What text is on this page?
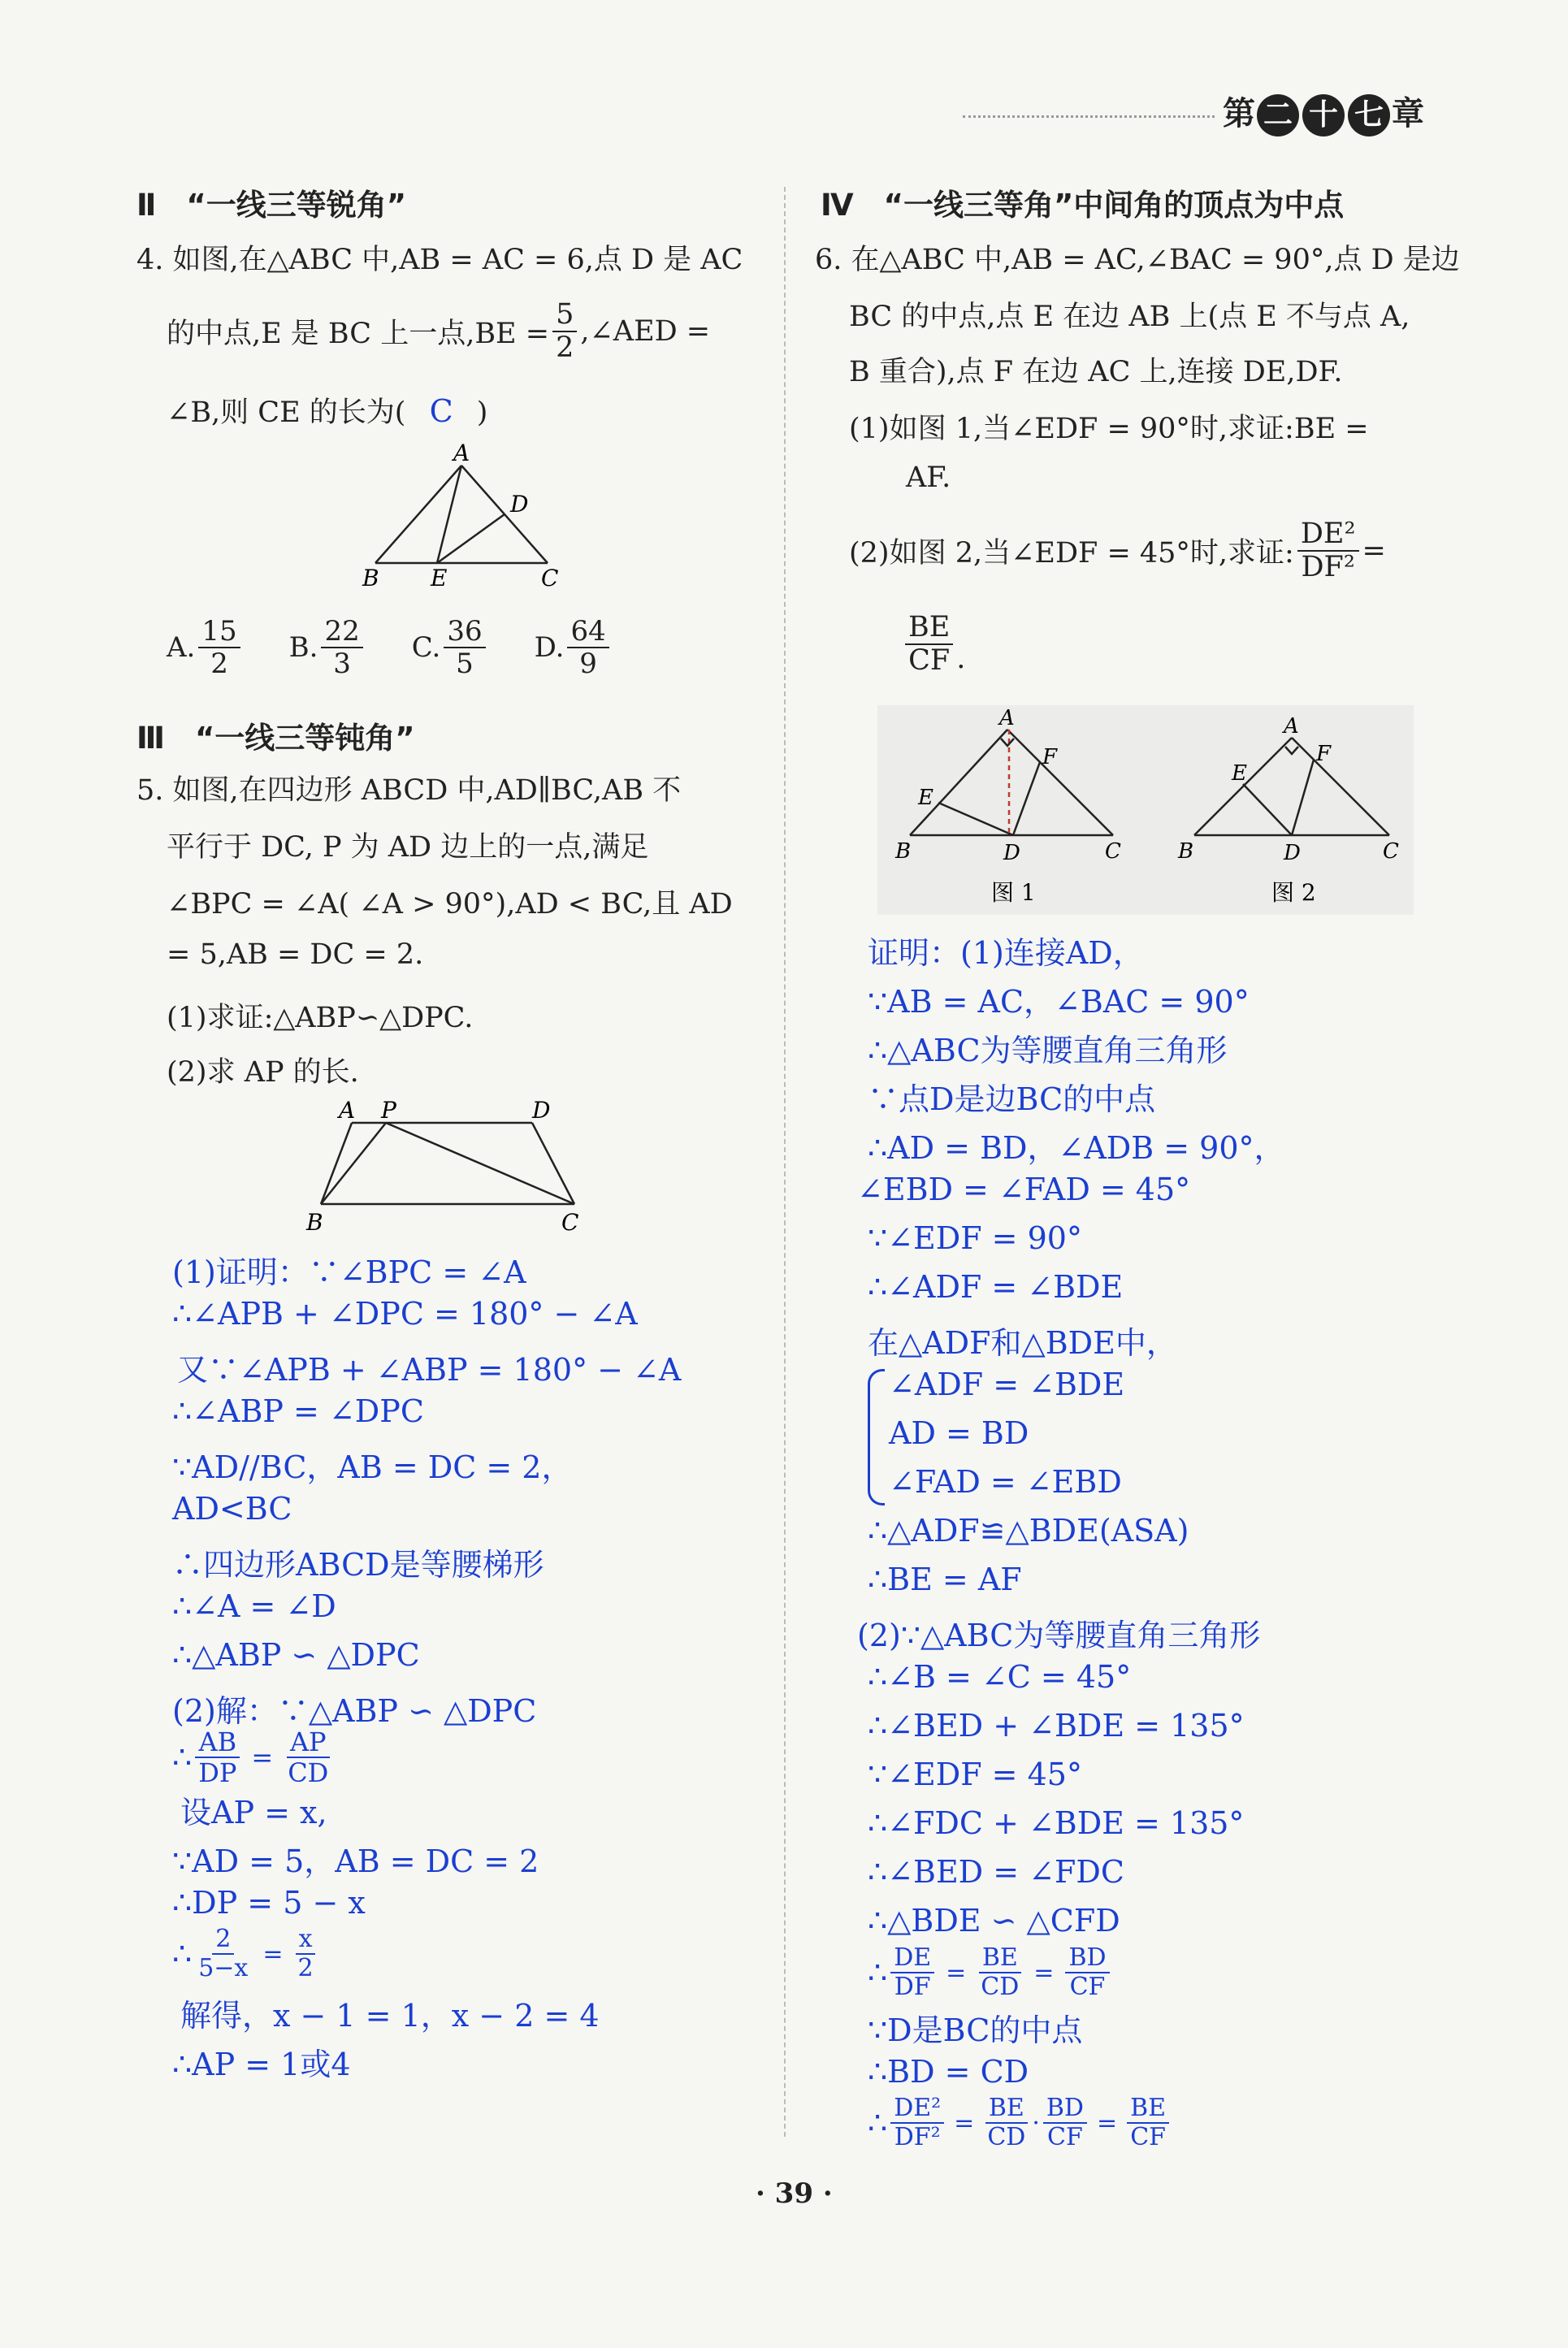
第 二 十 七 章
Ⅱ　“一线三等锐角”
4. 如图,在△ABC 中,AB = AC = 6,点 D 是 AC
的中点,E 是 BC 上一点$,BE = \frac{5}{2}$ ,∠AED =
∠B,则 CE 的长为( C )
A
D
B E	C
A. $\frac{15}{2} B$. $\frac{22}{3} C$. $\frac{36}{5} D$. $\frac{64}{9}$
Ⅲ　“一线三等钝角”
5. 如图,在四边形 ABCD 中,AD∥BC,AB 不
平行于 DC, P 为 AD 边上的一点,满足
∠BPC = ∠A( ∠A > 90°),AD < BC,且 AD
= 5,AB = DC = 2.
(1)求证:△ABP∽△DPC.
(2)求 AP 的长.
A P	D
B	C
(1)证明：∵∠BPC = ∠A
∴∠APB + ∠DPC = 180° − ∠A
又∵∠APB + ∠ABP = 180° − ∠A
∴∠ABP = ∠DPC
∵AD//BC，AB = DC = 2，
AD<BC
∴四边形ABCD是等腰梯形
∴∠A = ∠D
∴△ABP ∽ △DPC
(2)解：∵△ABP ∽ △DPC
∴ $\frac{AB}{DP} = \frac{AP}{CD}$
设AP = x,
∵AD = 5，AB = DC = 2
∴DP = 5 − x
∴ $\frac{2}{5-x} = \frac{x}{2}$
解得，x − 1 = 1，x − 2 = 4
∴AP = 1或4
Ⅳ　“一线三等角”中间角的顶点为中点
6. 在△ABC 中,AB = AC,∠BAC = 90°,点 D 是边
BC 的中点,点 E 在边 AB 上(点 E 不与点 A,
B 重合),点 F 在边 AC 上,连接 DE,DF.
(1)如图 1,当∠EDF = 90°时,求证:BE =
AF.
(2)如图 2,当∠EDF = 45°时,求证: $\frac{\text{DE²}}{\text{DF²}}$ =
$\frac{BE}{CF}$ .
A
F
E
B	D	C
图 1
A
F
E
B	D	C
图 2
证明：(1)连接AD，
∵AB = AC，∠BAC = 90°
∴△ABC为等腰直角三角形
∵点D是边BC的中点
∴AD = BD，∠ADB = 90°，
∠EBD = ∠FAD = 45°
∵∠EDF = 90°
∴∠ADF = ∠BDE
在△ADF和△BDE中，
∠ADF = ∠BDE
AD = BD
∠FAD = ∠EBD
∴△ADF≌△BDE(ASA)
∴BE = AF
(2)∵△ABC为等腰直角三角形
∴∠B = ∠C = 45°
∴∠BED + ∠BDE = 135°
∵∠EDF = 45°
∴∠FDC + ∠BDE = 135°
∴∠BED = ∠FDC
∴△BDE ∽ △CFD
∴ $\frac{DE}{DF} = \frac{BE}{CD} = \frac{BD}{CF}$
∵D是BC的中点
∴BD = CD
∴ $\frac{\text{DE²}}{\text{DF²}} = \frac{BE}{CD} \cdot \frac{BD}{CF} = \frac{BE}{CF}$
· 39 ·
